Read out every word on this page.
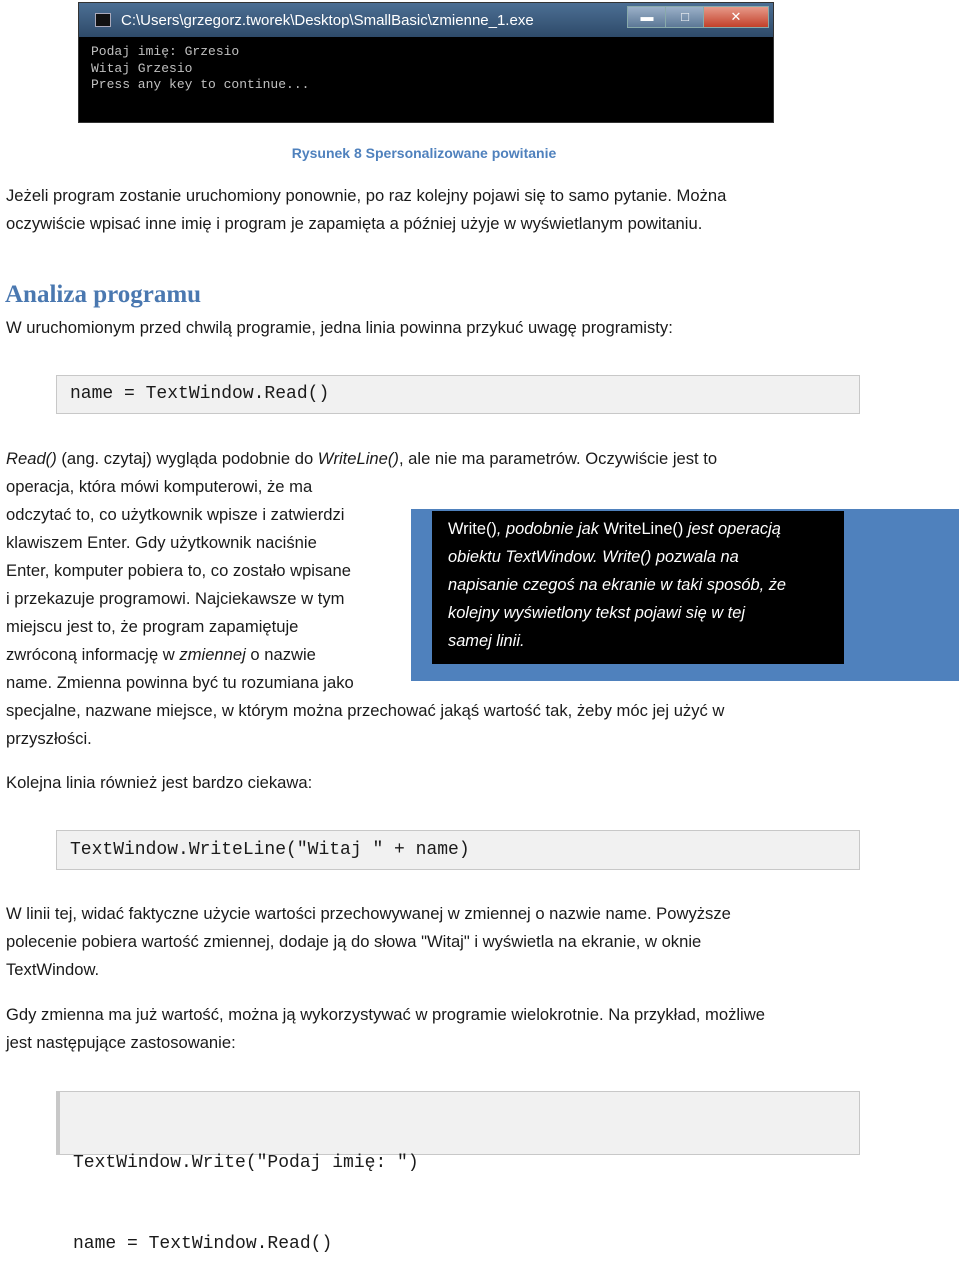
C:\Users\grzegorz.tworek\Desktop\SmallBasic\zmienne_1.exe	▬	□	✕
Podaj imię: Grzesio
Witaj Grzesio
Press any key to continue...
Rysunek 8 Spersonalizowane powitanie
Jeżeli program zostanie uruchomiony ponownie, po raz kolejny pojawi się to samo pytanie. Można
oczywiście wpisać inne imię i program je zapamięta a później użyje w wyświetlanym powitaniu.
Analiza programu
W uruchomionym przed chwilą programie, jedna linia powinna przykuć uwagę programisty:
name = TextWindow.Read()
Read() (ang. czytaj) wygląda podobnie do WriteLine(), ale nie ma parametrów. Oczywiście jest to
operacja, która mówi komputerowi, że ma
odczytać to, co użytkownik wpisze i zatwierdzi
klawiszem Enter. Gdy użytkownik naciśnie
Enter, komputer pobiera to, co zostało wpisane
i przekazuje programowi. Najciekawsze w tym
miejscu jest to, że program zapamiętuje
zwróconą informację w zmiennej o nazwie
name. Zmienna powinna być tu rozumiana jako
specjalne, nazwane miejsce, w którym można przechować jakąś wartość tak, żeby móc jej użyć w
przyszłości.
Write(), podobnie jak WriteLine() jest operacją
obiektu TextWindow. Write() pozwala na
napisanie czegoś na ekranie w taki sposób, że
kolejny wyświetlony tekst pojawi się w tej
samej linii.
Kolejna linia również jest bardzo ciekawa:
TextWindow.WriteLine("Witaj " + name)
W linii tej, widać faktyczne użycie wartości przechowywanej w zmiennej o nazwie name. Powyższe
polecenie pobiera wartość zmiennej, dodaje ją do słowa "Witaj" i wyświetla na ekranie, w oknie
TextWindow.
Gdy zmienna ma już wartość, można ją wykorzystywać w programie wielokrotnie. Na przykład, możliwe
jest następujące zastosowanie:

TextWindow.Write("Podaj imię: ")

name = TextWindow.Read()
